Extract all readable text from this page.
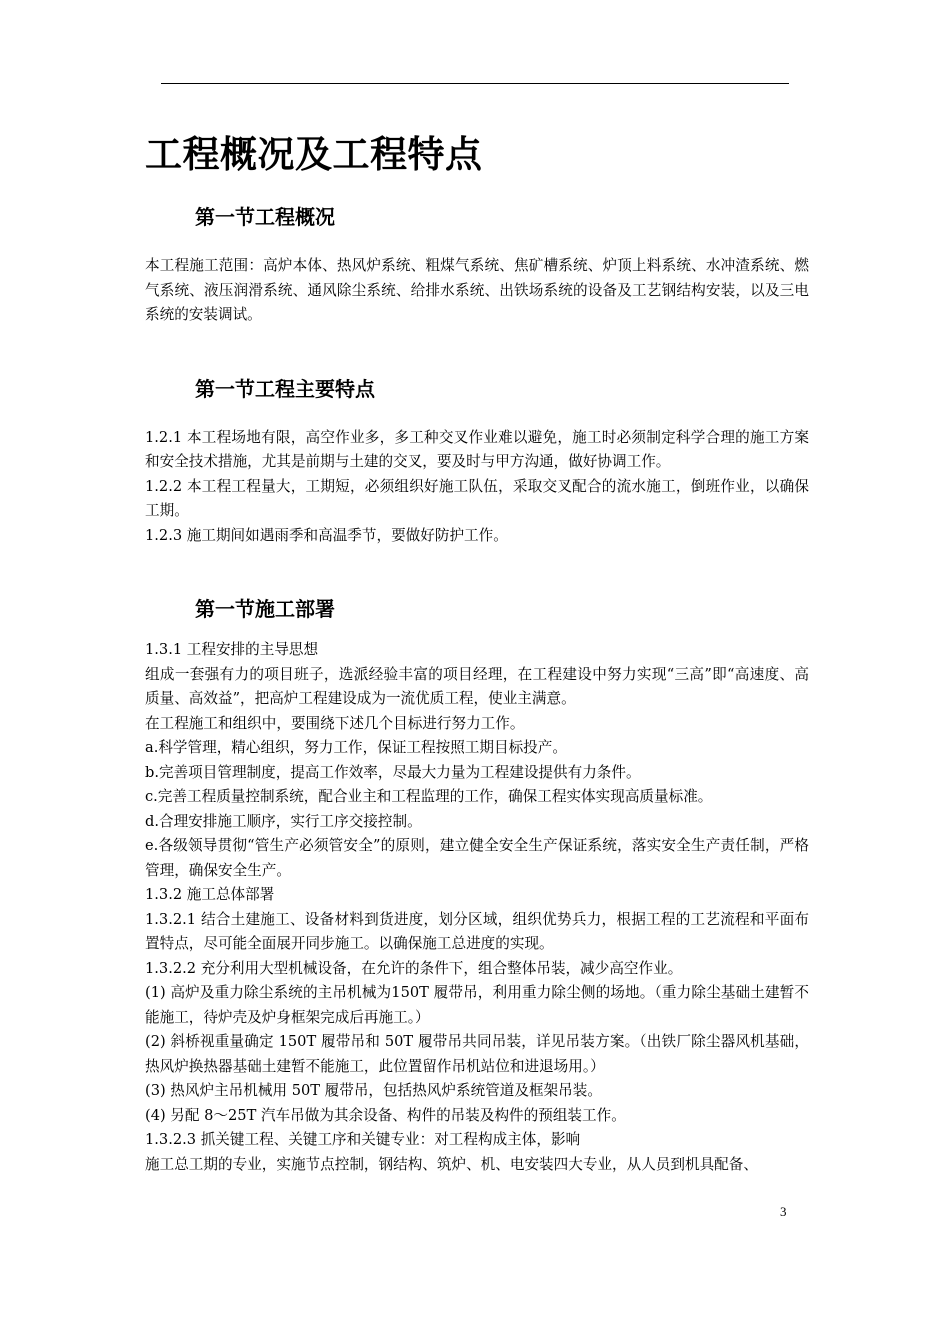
工程概况及工程特点
第一节工程概况

本工程施工范围：高炉本体、热风炉系统、粗煤气系统、焦矿槽系统、炉顶上料系统、水冲渣系统、燃气系统、液压润滑系统、通风除尘系统、给排水系统、出铁场系统的设备及工艺钢结构安装，以及三电系统的安装调试。

第一节工程主要特点

1.2.1 本工程场地有限，高空作业多，多工种交叉作业难以避免，施工时必须制定科学合理的施工方案和安全技术措施，尤其是前期与土建的交叉，要及时与甲方沟通，做好协调工作。

1.2.2 本工程工程量大，工期短，必须组织好施工队伍，采取交叉配合的流水施工，倒班作业，以确保工期。

1.2.3 施工期间如遇雨季和高温季节，要做好防护工作。

第一节施工部署

1.3.1 工程安排的主导思想

组成一套强有力的项目班子，选派经验丰富的项目经理，在工程建设中努力实现“三高”即“高速度、高质量、高效益”，把高炉工程建设成为一流优质工程，使业主满意。

在工程施工和组织中，要围绕下述几个目标进行努力工作。

a.科学管理，精心组织，努力工作，保证工程按照工期目标投产。

b.完善项目管理制度，提高工作效率，尽最大力量为工程建设提供有力条件。

c.完善工程质量控制系统，配合业主和工程监理的工作，确保工程实体实现高质量标准。

d.合理安排施工顺序，实行工序交接控制。

e.各级领导贯彻“管生产必须管安全”的原则，建立健全安全生产保证系统，落实安全生产责任制，严格管理，确保安全生产。

1.3.2 施工总体部署

1.3.2.1 结合土建施工、设备材料到货进度，划分区域，组织优势兵力，根据工程的工艺流程和平面布置特点，尽可能全面展开同步施工。以确保施工总进度的实现。

1.3.2.2 充分利用大型机械设备，在允许的条件下，组合整体吊装，减少高空作业。

(1) 高炉及重力除尘系统的主吊机械为150T 履带吊，利用重力除尘侧的场地。（重力除尘基础土建暂不能施工，待炉壳及炉身框架完成后再施工。）

(2) 斜桥视重量确定 150T 履带吊和 50T 履带吊共同吊装，详见吊装方案。（出铁厂除尘器风机基础，热风炉换热器基础土建暂不能施工，此位置留作吊机站位和进退场用。）

(3) 热风炉主吊机械用 50T 履带吊，包括热风炉系统管道及框架吊装。

(4) 另配 8～25T 汽车吊做为其余设备、构件的吊装及构件的预组装工作。

1.3.2.3 抓关键工程、关键工序和关键专业：对工程构成主体，影响

施工总工期的专业，实施节点控制，钢结构、筑炉、机、电安装四大专业，从人员到机具配备、

3
